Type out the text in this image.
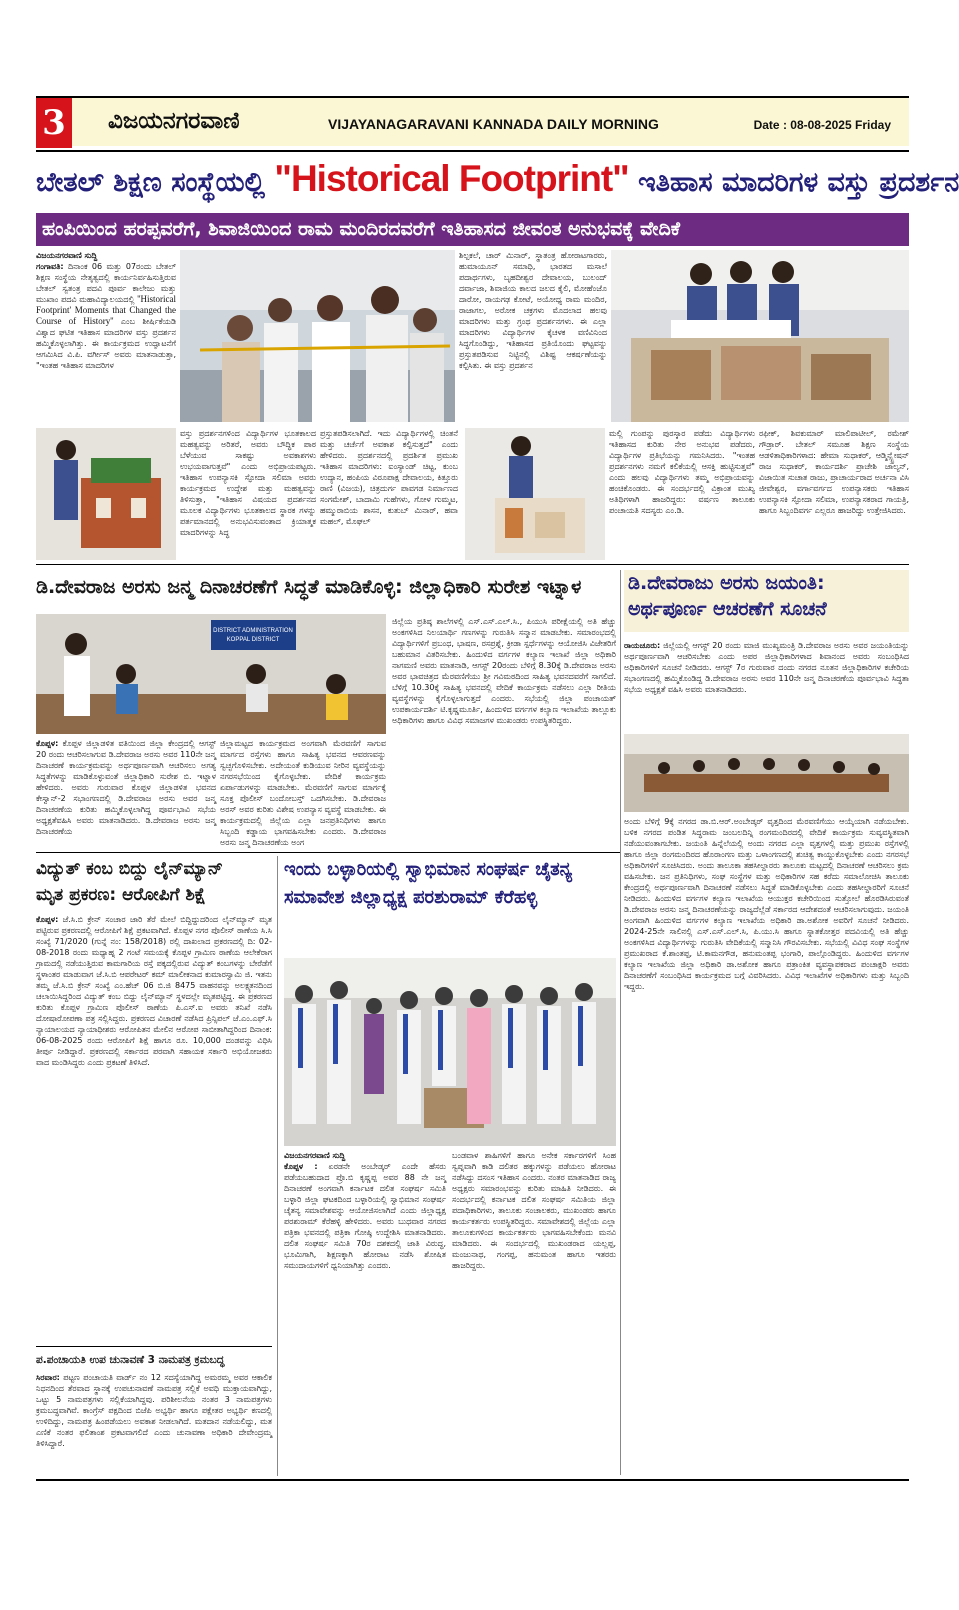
3 ವಿಜಯನಗರವಾಣಿ	VIJAYANAGARAVANI KANNADA DAILY MORNING	Date : 08-08-2025 Friday
ಬೇತಲ್ ಶಿಕ್ಷಣ ಸಂಸ್ಥೆಯಲ್ಲಿ "Historical Footprint" ಇತಿಹಾಸ ಮಾದರಿಗಳ ವಸ್ತು ಪ್ರದರ್ಶನ
ಹಂಪಿಯಿಂದ ಹರಪ್ಪವರೆಗೆ, ಶಿವಾಜಿಯಿಂದ ರಾಮ ಮಂದಿರದವರೆಗೆ ಇತಿಹಾಸದ ಜೀವಂತ ಅನುಭವಕ್ಕೆ ವೇದಿಕೆ
ವಿಜಯನಗರವಾಣಿ ಸುದ್ದಿ
ಗಂಗಾವತಿ: ದಿನಾಂಕ 06 ಮತ್ತು 07ರಂದು ಬೇತಲ್ ಶಿಕ್ಷಣ ಸಂಸ್ಥೆಯ ನೇತೃತ್ವದಲ್ಲಿ ಕಾರ್ಯನಿರ್ವಹಿಸುತ್ತಿರುವ ಬೇತಲ್ ಸ್ವತಂತ್ರ ಪದವಿ ಪೂರ್ವ ಕಾಲೇಜು ಮತ್ತು ಮುಖಾಂ ಪದವಿ ಮಹಾವಿದ್ಯಾಲಯದಲ್ಲಿ ''Historical Footprint' Moments that Changed the Course of History'' ಎಂಬ ಶೀರ್ಷಿಕೆಯಡಿ ವಿಶ್ವಾದ ಘಟಿತ ಇತಿಹಾಸ ಮಾದರಿಗಳ ವಸ್ತು ಪ್ರದರ್ಶನ ಹಮ್ಮಿಕೊಳ್ಳಲಾಗಿತ್ತು. ಈ ಕಾರ್ಯಕ್ರಮದ ಉದ್ಘಾಟನೆಗೆ ಆಗಮಿಸಿದ ವಿ.ಪಿ. ವರ್ಗೀಸ್ ಅವರು ಮಾತನಾಡುತ್ತಾ, "ಇಂತಹ ಇತಿಹಾಸ ಮಾದರಿಗಳ
ಶಿಲ್ಪಕಲೆ, ಚಾರ್ ಮಿನಾರ್, ಸ್ಥಾತಂತ್ರ ಹೋರಾಟಗಾರರು, ಹುಮಾಯೂನ್ ಸಮಾಧಿ, ಭಾರತದ ಮಸಾಲೆ ಪದಾರ್ಥಗಳು, ಬೃಹದೀಶ್ವರ ದೇವಾಲಯ, ಬುಲಂದ್ ದರ್ವಾಜಾ, ಶಿವಾಜಿಯ ಕಾಲದ ಜಲದ ಕೈಲಿ, ಮೋಹೆಂಜೊ ದಾರೋ, ರಾಯಗಢ ಕೋಟೆ, ಅಯೋಧ್ಯ ರಾಮ ಮಂದಿರ, ರಾಜಾಗಲ, ಅರೋಕ ಚಕ್ರಗಳು ಮೊದಲಾದ ಹಲವು ಮಾದರಿಗಳು ಮತ್ತು ಗ್ರಂಥ ಪ್ರದರ್ಶನಗಳು. ಈ ಎಲ್ಲಾ ಮಾದರಿಗಳು ವಿದ್ಯಾರ್ಥಿಗಳ ಕೈಚಳಕ ವಣಿವಿನಿಂದ ಸಿದ್ಧಗೊಂಡಿದ್ದು, ಇತಿಹಾಸದ ಪ್ರತಿಯೊಂದು ಘಟ್ಟವನ್ನು ಪ್ರಸ್ತುತಪಡಿಸುವ ನಿಟ್ಟಿನಲ್ಲಿ ವಿಶಿಷ್ಟ ಆಕರ್ಷಣೆಯನ್ನು ಕಲ್ಪಿಸಿತು. ಈ ವಸ್ತು ಪ್ರದರ್ಶನ
ವಸ್ತು ಪ್ರದರ್ಶನಗಳಿಂದ ವಿದ್ಯಾರ್ಥಿಗಳ ಭೂತಕಾಲದ ಮಹತ್ವವನ್ನು ಅರಿತರೆ, ಅವರು ಬೌದ್ಧಿಕ ಪಾಠ ಬೆಳೆಯುವ ಸಾಕಷ್ಟು ಅವಕಾಶಗಳು ಉಭಯವಾಗುತ್ತವೆ" ಎಂದು ಅಭಿಪ್ರಾಯಪಟ್ಟರು. ಇತಿಹಾಸ ಉಪನ್ಯಾಸಕಿ ಸ್ಫೋದಾ ಸಲಿಮಾ ಅವರು ಕಾರ್ಯಕ್ರಮದ ಉದ್ದೇಶ ಮತ್ತು ಮಹತ್ವವನ್ನು ತಿಳಿಸುತ್ತಾ, "ಇತಿಹಾಸ ವಿಷಯದ ಪ್ರದರ್ಶನದ ಮೂಲಕ ವಿದ್ಯಾರ್ಥಿಗಳು ಭೂತಕಾಲದ ಸ್ಥಾರಕ ಗಳನ್ನು ಪರ್ತಮಾನದಲ್ಲಿ ಅನುಭವಿಸುವಂತಾದ ಕ್ರಿಯಾತ್ಮಕ ಮಾದರಿಗಳನ್ನು ಸಿದ್ಧ
ಪ್ರಸ್ತುತಪಡಿಸಲಾಗಿದೆ. ಇದು ವಿದ್ಯಾರ್ಥಿಗಳಲ್ಲಿ ಚಿಂತನೆ ಮತ್ತು ಚರ್ಚೆಗೆ ಅವಕಾಶ ಕಲ್ಪಿಸುತ್ತದೆ" ಎಂದು ಹೇಳಿದರು. ಪ್ರದರ್ಶನದಲ್ಲಿ ಪ್ರದರ್ಶಿತ ಪ್ರಮುಖ ಇತಿಹಾಸ ಮಾದರಿಗಳು: ಐಂಸ್ಯಾಂಡ್ ಚಿಟ್ಟ, ಕುಂಬ ಉದ್ಯಾನ, ಹಂಪಿಯ ವಿರೂಪಾಕ್ಷ ದೇವಾಲಯ, ಕಿತ್ತೂರು ರಾಣಿ (ವಿಜಯ), ಚಿತ್ರದುರ್ಗ ಪಾವಗಡ ನಿರ್ಮಾಣದ ಸಂಗಮೇಶ್, ಬಾದಾಮಿ ಗುಹೆಗಳು, ಗೋಳ ಗುಮ್ಮಟ, ಹಮ್ಮುರಾಬಿಯ ಶಾಸನ, ಕುತುಬ್ ಮಿನಾರ್, ಹವಾ ಮಹಲ್, ಮೊಘಲ್
ಮಲ್ಲಿ ಗುಂಪನ್ನು ಪುರಸ್ಕಾರ ಪಡೆದು ವಿದ್ಯಾರ್ಥಿಗಳು ಇತಿಹಾಸದ ಕುರಿತು ನೇರ ಅನುಭವ ಪಡೆದರು, ವಿದ್ಯಾರ್ಥಿಗಳ ಪ್ರತಿಭೆಯನ್ನು ಗಮನಿಸಿದರು. "ಇಂತಹ ಪ್ರದರ್ಶನಗಳು ನಮಗೆ ಕಲಿಕೆಯಲ್ಲಿ ಆಸಕ್ತಿ ಹುಟ್ಟಿಸುತ್ತವೆ" ಎಂದು ಹಲವು ವಿದ್ಯಾರ್ಥಿಗಳು ತಮ್ಮ ಅಭಿಪ್ರಾಯವನ್ನು ಹಂಚಿಕೊಂಡರು. ಈ ಸಂದರ್ಭದಲ್ಲಿ ವಿಕ್ರಾಂತ ಮುಖ್ಯ ಅತಿಥಿಗಳಾಗಿ ಹಾಜರಿದ್ದರು: ವರ್ಷಣ ತಾಲೂಕು ಪಂಚಾಯತಿ ಸದಸ್ಯರು ಎಂ.ಡಿ.
ರಫೀಕ್, ಶಿವಕುಮಾರ್ ಮಾಲಿಪಾಟೀಲ್, ರಮೇಶ್ ಗೌಡ್ರಾರ್. ಬೇತಲ್ ಸಮೂಹ ಶಿಕ್ಷಣ ಸಂಸ್ಥೆಯ ಆಡಳಿತಾಧಿಕಾರಿಗಳಾದ: ಹೇಮಾ ಸುಧಾಕರ್, ಆಡ್ಮಿನ್ಸ್ಟ್ರೇಷನ್ ರಾಜ ಸುಧಾಕರ್, ಕಾರ್ಯದರ್ಶಿ ಪ್ರಾಚೇಶಿ ಜಾಲ್ಯನ್, ವಿಜಾಯಿತ ಸುಚಾತ ರಾಜು, ಪ್ರಾಚಾರ್ಯರಾದ ಅರ್ಚನಾ ವಿಸಿ ಜೀವೇಶ್ವರ, ವರ್ಗಾವರ್ಗದ ಉಪನ್ಯಾಸಕರು ಇತಿಹಾಸ ಉಪನ್ಯಾಸಕಿ ಸ್ಫೋದಾ ಸಲಿಮಾ, ಉಪನ್ಯಾಸಕರಾದ ಗಾಯತ್ರಿ, ಹಾಗೂ ಸಿಬ್ಬಂದಿವರ್ಗ ಎಲ್ಲರೂ ಹಾಜರಿದ್ದು ಉತ್ತೇಜಿಸಿದರು.
ಡಿ.ದೇವರಾಜ ಅರಸು ಜನ್ಮ ದಿನಾಚರಣೆಗೆ ಸಿದ್ಧತೆ ಮಾಡಿಕೊಳ್ಳಿ: ಜಿಲ್ಲಾಧಿಕಾರಿ ಸುರೇಶ ಇಟ್ನಾಳ
DISTRICT ADMINISTRATION
KOPPAL DISTRICT
ಕೊಪ್ಪಳ: ಕೊಪ್ಪಳ ಜಿಲ್ಲಾಡಳಿತ ವತಿಯಿಂದ ಜಿಲ್ಲಾ ಕೇಂದ್ರದಲ್ಲಿ ಆಗಸ್ಟ್ 20 ರಂದು ಆಚರಿಸಲಾಗುವ ಡಿ.ದೇವರಾಜ ಅರಸು ಅವರ 110ನೇ ಜನ್ಮ ದಿನಾಚರಣೆ ಕಾರ್ಯಕ್ರಮವನ್ನು ಅರ್ಥಪೂರ್ಣವಾಗಿ ಆಚರಿಸಲು ಅಗತ್ಯ ಸಿದ್ಧತೆಗಳನ್ನು ಮಾಡಿಕೊಳ್ಳುವಂತೆ ಜಿಲ್ಲಾಧಿಕಾರಿ ಸುರೇಶ ಬಿ. ಇಟ್ನಾಳ ಹೇಳಿದರು. ಅವರು ಗುರುವಾರ ಕೊಪ್ಪಳ ಜಿಲ್ಲಾಡಳಿತ ಭವನದ ಕೇಸ್ವಾನ್-2 ಸಭಾಂಗಣದಲ್ಲಿ ಡಿ.ದೇವರಾಜ ಅರಸು ಅವರ ಜನ್ಮ ದಿನಾಚರಣೆಯ ಕುರಿತು ಹಮ್ಮಿಕೊಳ್ಳಲಾಗಿದ್ದ ಪೂರ್ವಭಾವಿ ಸಭೆಯ ಅಧ್ಯಕ್ಷತೆವಹಿಸಿ ಅವರು ಮಾತನಾಡಿದರು. ಡಿ.ದೇವರಾಜ ಅರಸು ಜನ್ಮ ದಿನಾಚರಣೆಯ
ಜಿಲ್ಲಾಮಟ್ಟದ ಕಾರ್ಯಕ್ರಮದ ಅಂಗವಾಗಿ ಮೆರವಣಿಗೆ ಸಾಗುವ ಮಾರ್ಗದ ರಸ್ತೆಗಳು ಹಾಗೂ ಸಾಹಿತ್ಯ ಭವನದ ಆವರಣವನ್ನು ಸ್ವಚ್ಛಗೊಳಿಸಬೇಕು. ಅದೇಯಂತೆ ಕುಡಿಯುವ ನೀರಿನ ವ್ಯವಸ್ಥೆಯನ್ನು ನಗರಸಭೆಯಿಂದ ಕೈಗೊಳ್ಳಬೇಕು. ವೇದಿಕೆ ಕಾರ್ಯಕ್ರಮ ಏರ್ಪಾಡುಗಳನ್ನು ಮಾಡಬೇಕು. ಮೆರವಣಿಗೆ ಸಾಗುವ ಮಾರ್ಗಕ್ಕೆ ಸೂಕ್ತ ಪೊಲೀಸ್ ಬಂದೋಬಸ್ತ್ ಒದಗಿಸಬೇಕು. ಡಿ.ದೇವರಾಜ ಅರಸ್ ಅವರ ಕುರಿತು ವಿಶೇಷ ಉಪನ್ಯಾಸ ವ್ಯವಸ್ಥೆ ಮಾಡಬೇಕು. ಈ ಕಾರ್ಯಕ್ರಮದಲ್ಲಿ ಜಿಲ್ಲೆಯ ಎಲ್ಲಾ ಜನಪ್ರತಿನಿಧಿಗಳು ಹಾಗೂ ಸಿಬ್ಬಂದಿ ಕಡ್ಡಾಯ ಭಾಗವಹಿಸಬೇಕು ಎಂದರು. ಡಿ.ದೇವರಾಜ ಅರಸು ಜನ್ಮ ದಿನಾಚರಣೆಯ ಅಂಗ
ಜಿಲ್ಲೆಯ ಪ್ರತಿಷ್ಠ ಶಾಲೆಗಳಲ್ಲಿ ಎಸ್.ಎಸ್.ಎಲ್.ಸಿ., ಪಿಯುಸಿ ಪರೀಕ್ಷೆಯಲ್ಲಿ ಅತಿ ಹೆಚ್ಚು ಅಂಕಗಳಿಸಿದ ನಿಲಯಾರ್ಥಿ ಗಣಗಳನ್ನು ಗುರುತಿಸಿ ಸನ್ಮಾನ ಮಾಡಬೇಕು. ಸಮಾರಂಭದಲ್ಲಿ ವಿದ್ಯಾರ್ಥಿಗಳಿಗೆ ಪ್ರಬಂಧ, ಭಾಷಣ, ರಸಪ್ರಶ್ನೆ, ಕ್ರೀಡಾ ಸ್ಪರ್ಧೆಗಳನ್ನು ಆಯೋಜಿಸಿ ವಿಜೇತರಿಗೆ ಬಹುಮಾನ ವಿತರಿಸಬೇಕು. ಹಿಂದುಳಿದ ವರ್ಗಗಳ ಕಲ್ಯಾಣ ಇಲಾಖೆ ಜಿಲ್ಲಾ ಅಧಿಕಾರಿ ನಾಗಮಣಿ ಅವರು ಮಾತನಾಡಿ, ಆಗಸ್ಟ್ 20ರಂದು ಬೆಳಿಗ್ಗೆ 8.30ಕ್ಕೆ ಡಿ.ದೇವರಾಜ ಅರಸು ಅವರ ಭಾವಚಿತ್ರದ ಮೆರವಣಿಗೆಯು ಶ್ರೀ ಗವಿಮಠದಿಂದ ಸಾಹಿತ್ಯ ಭವನದವರೆಗೆ ಸಾಗಲಿದೆ. ಬೆಳಿಗ್ಗೆ 10.30ಕ್ಕೆ ಸಾಹಿತ್ಯ ಭವನದಲ್ಲಿ ವೇದಿಕೆ ಕಾರ್ಯಕ್ರಮ ನಡೆಸಲು ಎಲ್ಲಾ ರೀತಿಯ ವ್ಯವಸ್ಥೆಗಳನ್ನು ಕೈಗೊಳ್ಳಲಾಗುತ್ತದೆ ಎಂದರು. ಸಭೆಯಲ್ಲಿ ಜಿಲ್ಲಾ ಪಂಚಾಯತ್ ಉಪಕಾರ್ಯದರ್ಶಿ ಟಿ.ಕೃಷ್ಣಮೂರ್ತಿ, ಹಿಂದುಳಿದ ವರ್ಗಗಳ ಕಲ್ಯಾಣ ಇಲಾಖೆಯ ತಾಲ್ಲೂಕು ಅಧಿಕಾರಿಗಳು ಹಾಗೂ ವಿವಿಧ ಸಮಾಜಗಳ ಮುಖಂಡರು ಉಪಸ್ಥಿತರಿದ್ದರು.
ಡಿ.ದೇವರಾಜು ಅರಸು ಜಯಂತಿ:
ಅರ್ಥಪೂರ್ಣ ಆಚರಣೆಗೆ ಸೂಚನೆ
ರಾಯಚೂರು: ಜಿಲ್ಲೆಯಲ್ಲಿ ಆಗಸ್ಟ್ 20 ರಂದು ಮಾಜಿ ಮುಖ್ಯಮಂತ್ರಿ ಡಿ.ದೇವರಾಜ ಅರಸು ಅವರ ಜಯಂತಿಯನ್ನು ಅರ್ಥಪೂರ್ಣವಾಗಿ ಆಚರಿಸಬೇಕು ಎಂದು ಅಪರ ಜಿಲ್ಲಾಧಿಕಾರಿಗಳಾದ ಶಿವಾನಂದ ಅವರು ಸಂಬಂಧಿಸಿದ ಅಧಿಕಾರಿಗಳಿಗೆ ಸೂಚನೆ ನೀಡಿದರು. ಆಗಸ್ಟ್ 7ರ ಗುರುವಾರ ದಂದು ನಗರದ ನೂತನ ಜಿಲ್ಲಾಧಿಕಾರಿಗಳ ಕಚೇರಿಯ ಸಭಾಂಗಣದಲ್ಲಿ ಹಮ್ಮಿಕೊಂಡಿದ್ದ ಡಿ.ದೇವರಾಜ ಅರಸು ಅವರ 110ನೇ ಜನ್ಮ ದಿನಾಚರಣೆಯ ಪೂರ್ವಭಾವಿ ಸಿದ್ಧತಾ ಸಭೆಯ ಅಧ್ಯಕ್ಷತೆ ವಹಿಸಿ ಅವರು ಮಾತನಾಡಿದರು.
ಅಂದು ಬೆಳಿಗ್ಗೆ 9ಕ್ಕೆ ನಗರದ ಡಾ.ಬಿ.ಆರ್.ಅಂಬೇಡ್ಕರ್ ವೃತ್ತದಿಂದ ಮೆರವಣಿಗೆಯು ಆಯ್ಕೆಯಾಗಿ ನಡೆಯಬೇಕು. ಬಳಿಕ ನಗರದ ಪಂಡಿತ ಸಿದ್ಧರಾಮ ಜಂಬಲದಿನ್ನಿ ರಂಗಮಂದಿರದಲ್ಲಿ ವೇದಿಕೆ ಕಾರ್ಯಕ್ರಮ ಸುವ್ಯವಸ್ಥಿತವಾಗಿ ನಡೆಯುವಂತಾಗಬೇಕು. ಜಯಂತಿ ಹಿನ್ನೆಲೆಯಲ್ಲಿ ಅಂದು ನಗರದ ಎಲ್ಲಾ ವೃತ್ತಗಳಲ್ಲಿ ಮತ್ತು ಪ್ರಮುಖ ರಸ್ತೆಗಳಲ್ಲಿ ಹಾಗೂ ಜಿಲ್ಲಾ ರಂಗಮಂದಿರದ ಹೊರಾಂಗಣ ಮತ್ತು ಒಳಾಂಗಣದಲ್ಲಿ ಶುಚಿತ್ವ ಕಾಯ್ದುಕೊಳ್ಳಬೇಕು ಎಂದು ನಗರಸಭೆ ಅಧಿಕಾರಿಗಳಿಗೆ ಸೂಚಿಸಿದರು. ಅಂದು ತಾಲೂಕಾ ತಹಸೀಲ್ದಾರರು ತಾಲೂಕು ಮಟ್ಟದಲ್ಲಿ ದಿನಾಚರಣೆ ಆಚರಿಸಲು ಕ್ರಮ ವಹಿಸಬೇಕು. ಜನ ಪ್ರತಿನಿಧಿಗಳು, ಸಂಘ ಸಂಸ್ಥೆಗಳ ಮತ್ತು ಅಧಿಕಾರಿಗಳ ಸಹ ಕರೆದು ಸಮಾಲೋಚಿಸಿ ತಾಲೂಕು ಕೇಂದ್ರದಲ್ಲಿ ಅರ್ಥಪೂರ್ಣವಾಗಿ ದಿನಾಚರಣೆ ನಡೆಸಲು ಸಿದ್ಧತೆ ಮಾಡಿಕೊಳ್ಳಬೇಕು ಎಂದು ತಹಸೀಲ್ದಾರರಿಗೆ ಸೂಚನೆ ನೀಡಿದರು. ಹಿಂದುಳಿದ ವರ್ಗಗಳ ಕಲ್ಯಾಣ ಇಲಾಖೆಯ ಆಯುಕ್ತರ ಕಚೇರಿಯಿಂದ ಸುತ್ತೋಲೆ ಹೊರಡಿಸಿರುವಂತೆ ಡಿ.ದೇವರಾಜ ಅರಸು ಜನ್ಮ ದಿನಾಚರಣೆಯನ್ನು ರಾಜ್ಯದೆಲ್ಲೆಡೆ ಸರ್ಕಾರದ ಆದೇಶದಂತೆ ಆಚರಿಸಲಾಗುವುದು. ಜಯಂತಿ ಅಂಗವಾಗಿ ಹಿಂದುಳಿದ ವರ್ಗಗಳ ಕಲ್ಯಾಣ ಇಲಾಖೆಯ ಅಧಿಕಾರಿ ಡಾ.ಅಶೋಕ ಅವರಿಗೆ ಸೂಚನೆ ನೀಡಿದರು. 2024-25ನೇ ಸಾಲಿನಲ್ಲಿ ಎಸ್.ಎಸ್.ಎಲ್.ಸಿ, ಪಿ.ಯು.ಸಿ ಹಾಗೂ ಸ್ನಾತಕೋತ್ತರ ಪದವಿಯಲ್ಲಿ ಅತಿ ಹೆಚ್ಚು ಅಂಕಗಳಿಸಿದ ವಿದ್ಯಾರ್ಥಿಗಳನ್ನು ಗುರುತಿಸಿ ವೇದಿಕೆಯಲ್ಲಿ ಸನ್ಮಾನಿಸಿ ಗೌರವಿಸಬೇಕು. ಸಭೆಯಲ್ಲಿ ವಿವಿಧ ಸಂಘ ಸಂಸ್ಥೆಗಳ ಪ್ರಮುಖರಾದ ಕೆ.ಶಾಂತಪ್ಪ, ಟಿ.ಕಾಮನಗೌಡ, ಹನುಮಂತಪ್ಪ ಭಂಗಾರಿ, ಪಾಲ್ಗೊಂಡಿದ್ದರು. ಹಿಂದುಳಿದ ವರ್ಗಗಳ ಕಲ್ಯಾಣ ಇಲಾಖೆಯ ಜಿಲ್ಲಾ ಅಧಿಕಾರಿ ಡಾ.ಅಶೋಕ ಹಾಗೂ ಪತ್ರಾಂಕಿತ ವ್ಯವಸ್ಥಾಪಕರಾದ ಪಂಚಾಕ್ಷರಿ ಅವರು ದಿನಾಚರಣೆಗೆ ಸಂಬಂಧಿಸಿದ ಕಾರ್ಯಕ್ರಮದ ಬಗ್ಗೆ ವಿವರಿಸಿದರು. ವಿವಿಧ ಇಲಾಖೆಗಳ ಅಧಿಕಾರಿಗಳು ಮತ್ತು ಸಿಬ್ಬಂದಿ ಇದ್ದರು.
ವಿದ್ಯುತ್ ಕಂಬ ಬಿದ್ದು ಲೈನ್‌ಮ್ಯಾನ್
ಮೃತ ಪ್ರಕರಣ: ಆರೋಪಿಗೆ ಶಿಕ್ಷೆ
ಕೊಪ್ಪಳ: ಜೆ.ಸಿ.ಬಿ ಕ್ರೇನ್ ಸಂಚಾರ ಜಾರಿ ತೆರೆ ಮೇಲೆ ಬಿದ್ದಿದ್ದುದರಿಂದ ಲೈನ್‌ಮ್ಯಾನ್ ಮೃತ ಪಟ್ಟಿರುವ ಪ್ರಕರಣದಲ್ಲಿ ಆರೋಪಿಗೆ ಶಿಕ್ಷೆ ಪ್ರಕಟವಾಗಿದೆ. ಕೊಪ್ಪಳ ನಗರ ಪೊಲೀಸ್ ಠಾಣೆಯ ಸಿ.ಸಿ ಸಂಖ್ಯೆ 71/2020 (ಗುನ್ನೆ ನಂ: 158/2018) ರಲ್ಲಿ ದಾಖಲಾದ ಪ್ರಕರಣದಲ್ಲಿ ದಿ: 02-08-2018 ರಂದು ಮಧ್ಯಾಹ್ನ 2 ಗಂಟೆ ಸಮಯಕ್ಕೆ ಕೊಪ್ಪಳ ಗ್ರಾಮಿಣ ಠಾಣೆಯ ಆಲೇಕೆರಾಗ ಗ್ರಾಮದಲ್ಲಿ ನಡೆಯುತ್ತಿರುವ ಕಾಮಗಾರಿಯ ರಸ್ತೆ ಪಕ್ಕದಲ್ಲಿರುವ ವಿದ್ಯುತ್ ಕಂಬಗಳನ್ನು ಬೇರೆಡೆಗೆ ಸ್ಥಳಾಂತರ ಮಾಡುವಾಗ ಜೆ.ಸಿ.ಬಿ ಆಪರೇಟರ್ ಕಮ್ ಮಾಲೀಕನಾದ ಕುಮಾರಸ್ವಾಮಿ ಜಿ. ಇತನು ತಮ್ಮ ಜೆ.ಸಿ.ಬಿ ಕ್ರೇನ್ ಸಂಖ್ಯೆ ಎಂ.ಹೆಚ್ 06 ಬಿ.ಜಿ 8475 ವಾಹನವನ್ನು ಅಲಕ್ಷ್ಯತನದಿಂದ ಚಲಾಯಿಸಿದ್ದರಿಂದ ವಿದ್ಯುತ್ ಕಂಬ ಬಿದ್ದು ಲೈನ್‌ಮ್ಯಾನ್ ಸ್ಥಳದಲ್ಲೇ ಮೃತಪಟ್ಟಿದ್ದ. ಈ ಪ್ರಕರಣದ ಕುರಿತು ಕೊಪ್ಪಳ ಗ್ರಾಮಿಣ ಪೊಲೀಸ್ ಠಾಣೆಯ ಪಿ.ಎಸ್.ಐ ಅವರು ತನಿಖೆ ನಡೆಸಿ ದೋಷಾರೋಪಣಾ ಪತ್ರ ಸಲ್ಲಿಸಿದ್ದರು. ಪ್ರಕರಣದ ವಿಚಾರಣೆ ನಡೆಸಿದ ಪ್ರಿನ್ಸಿಪಲ್ ಜೆ.ಎಂ.ಎಫ್.ಸಿ ನ್ಯಾಯಾಲಯದ ನ್ಯಾಯಾಧೀಶರು ಆರೋಪಿತನ ಮೇಲಿನ ಆರೋಪ ಸಾಬೀತಾಗಿದ್ದರಿಂದ ದಿನಾಂಕ: 06-08-2025 ರಂದು ಆರೋಪಿಗೆ ಶಿಕ್ಷೆ ಹಾಗೂ ರೂ. 10,000 ದಂಡವನ್ನು ವಿಧಿಸಿ ತೀರ್ಪು ನೀಡಿದ್ದಾರೆ. ಪ್ರಕರಣದಲ್ಲಿ ಸರ್ಕಾರದ ಪರವಾಗಿ ಸಹಾಯಕ ಸರ್ಕಾರಿ ಅಭಿಯೋಜಕರು ವಾದ ಮಂಡಿಸಿದ್ದರು ಎಂದು ಪ್ರಕಟಣೆ ತಿಳಿಸಿದೆ.
ಪ.ಪಂಚಾಯತಿ ಉಪ ಚುನಾವಣೆ 3 ನಾಮಪತ್ರ ಕ್ರಮಬದ್ಧ
ಸಿರವಾರ: ಪಟ್ಟಣ ಪಂಚಾಯತಿ ವಾರ್ಡ್ ನಂ 12 ಸದಸ್ಯೆಯಾಗಿದ್ದ ಅಮರಮ್ಮ ಅವರ ಆಕಾಲಿಕ ನಿಧನದಿಂದ ತೆರವಾದ ಸ್ಥಾನಕ್ಕೆ ಉಪಚುನಾವಣೆ ನಾಮಪತ್ರ ಸಲ್ಲಿಕೆ ಅವಧಿ ಮುಕ್ತಾಯವಾಗಿದ್ದು, ಒಟ್ಟು 5 ನಾಮಪತ್ರಗಳು ಸಲ್ಲಿಕೆಯಾಗಿದ್ದವು. ಪರಿಶೀಲನೆಯ ನಂತರ 3 ನಾಮಪತ್ರಗಳು ಕ್ರಮಬದ್ಧವಾಗಿವೆ. ಕಾಂಗ್ರೆಸ್ ಪಕ್ಷದಿಂದ ಬಿಜೆಪಿ ಅಭ್ಯರ್ಥಿ ಹಾಗೂ ಪಕ್ಷೇತರ ಅಭ್ಯರ್ಥಿ ಕಣದಲ್ಲಿ ಉಳಿದಿದ್ದು, ನಾಮಪತ್ರ ಹಿಂಪಡೆಯಲು ಅವಕಾಶ ನೀಡಲಾಗಿದೆ. ಮತದಾನ ನಡೆಯಲಿದ್ದು, ಮತ ಎಣಿಕೆ ನಂತರ ಫಲಿತಾಂಶ ಪ್ರಕಟವಾಗಲಿದೆ ಎಂದು ಚುನಾವಣಾ ಅಧಿಕಾರಿ ದೇವೇಂದ್ರಮ್ಮ ತಿಳಿಸಿದ್ದಾರೆ.
ಇಂದು ಬಳ್ಳಾರಿಯಲ್ಲಿ ಸ್ವಾಭಿಮಾನ ಸಂಘರ್ಷ ಚೈತನ್ಯ
ಸಮಾವೇಶ ಜಿಲ್ಲಾಧ್ಯಕ್ಷ ಪರಶುರಾಮ್ ಕೆರೆಹಳ್ಳಿ
ವಿಜಯನಗರವಾಣಿ ಸುದ್ದಿ
ಕೊಪ್ಪಳ : ಏರಡನೇ ಅಂಬೇಡ್ಕರ್ ಎಂದೇ ಹೆಸರು ಪಡೆಯಬಹುದಾದ ಪ್ರೊ.ಬಿ ಕೃಷ್ಣಪ್ಪ ಅವರ 88 ನೇ ಜನ್ಮ ದಿನಾಚರಣೆ ಅಂಗವಾಗಿ ಕರ್ನಾಟಕ ದಲಿತ ಸಂಘರ್ಷ ಸಮಿತಿ ಬಳ್ಳಾರಿ ಜಿಲ್ಲಾ ಘಟಕದಿಂದ ಬಳ್ಳಾರಿಯಲ್ಲಿ ಸ್ವಾಭಿಮಾನ ಸಂಘರ್ಷ ಚೈತನ್ಯ ಸಮಾವೇಶವನ್ನು ಆಯೋಜಿಸಲಾಗಿದೆ ಎಂದು ಜಿಲ್ಲಾಧ್ಯಕ್ಷ ಪರಶುರಾಮ್ ಕೆರೆಹಳ್ಳಿ ಹೇಳಿದರು. ಅವರು ಬುಧವಾರ ನಗರದ ಪತ್ರಿಕಾ ಭವನದಲ್ಲಿ ಪತ್ರಿಕಾ ಗೋಷ್ಠಿ ಉದ್ದೇಶಿಸಿ ಮಾತನಾಡಿದರು. ದಲಿತ ಸಂಘರ್ಷ ಸಮಿತಿ 70ರ ದಶಕದಲ್ಲಿ ಜಾತಿ ವಿರುದ್ಧ, ಭೂಮಿಗಾಗಿ, ಶಿಕ್ಷಣಕ್ಕಾಗಿ ಹೋರಾಟ ನಡೆಸಿ ಶೋಷಿತ ಸಮುದಾಯಗಳಿಗೆ ಧ್ವನಿಯಾಗಿತ್ತು ಎಂದರು.
ಬಂಡವಾಳ ಶಾಹಿಗಳಿಗೆ ಹಾಗೂ ಅನೇಕ ಸರ್ಕಾರಗಳಿಗೆ ಸಿಂಹ ಸ್ವಪ್ನವಾಗಿ ಕಾಡಿ ದಲಿತರ ಹಕ್ಕುಗಳನ್ನು ಪಡೆಯಲು ಹೋರಾಟ ನಡೆಸಿದ್ದು ದಸಂಸ ಇತಿಹಾಸ ಎಂದರು. ನಂತರ ಮಾತನಾಡಿದ ರಾಜ್ಯ ಅಧ್ಯಕ್ಷರು ಸಮಾರಂಭವನ್ನು ಕುರಿತು ಮಾಹಿತಿ ನೀಡಿದರು. ಈ ಸಂದರ್ಭದಲ್ಲಿ ಕರ್ನಾಟಕ ದಲಿತ ಸಂಘರ್ಷ ಸಮಿತಿಯ ಜಿಲ್ಲಾ ಪದಾಧಿಕಾರಿಗಳು, ತಾಲೂಕು ಸಂಚಾಲಕರು, ಮುಖಂಡರು ಹಾಗೂ ಕಾರ್ಯಕರ್ತರು ಉಪಸ್ಥಿತರಿದ್ದರು. ಸಮಾವೇಶದಲ್ಲಿ ಜಿಲ್ಲೆಯ ಎಲ್ಲಾ ತಾಲೂಕುಗಳಿಂದ ಕಾರ್ಯಕರ್ತರು ಭಾಗವಹಿಸಬೇಕೆಂದು ಮನವಿ ಮಾಡಿದರು. ಈ ಸಂದರ್ಭದಲ್ಲಿ ಮುಖಂಡರಾದ ಯಲ್ಲಪ್ಪ, ಮಂಜುನಾಥ, ಗಂಗಪ್ಪ, ಹನುಮಂತ ಹಾಗೂ ಇತರರು ಹಾಜರಿದ್ದರು.
